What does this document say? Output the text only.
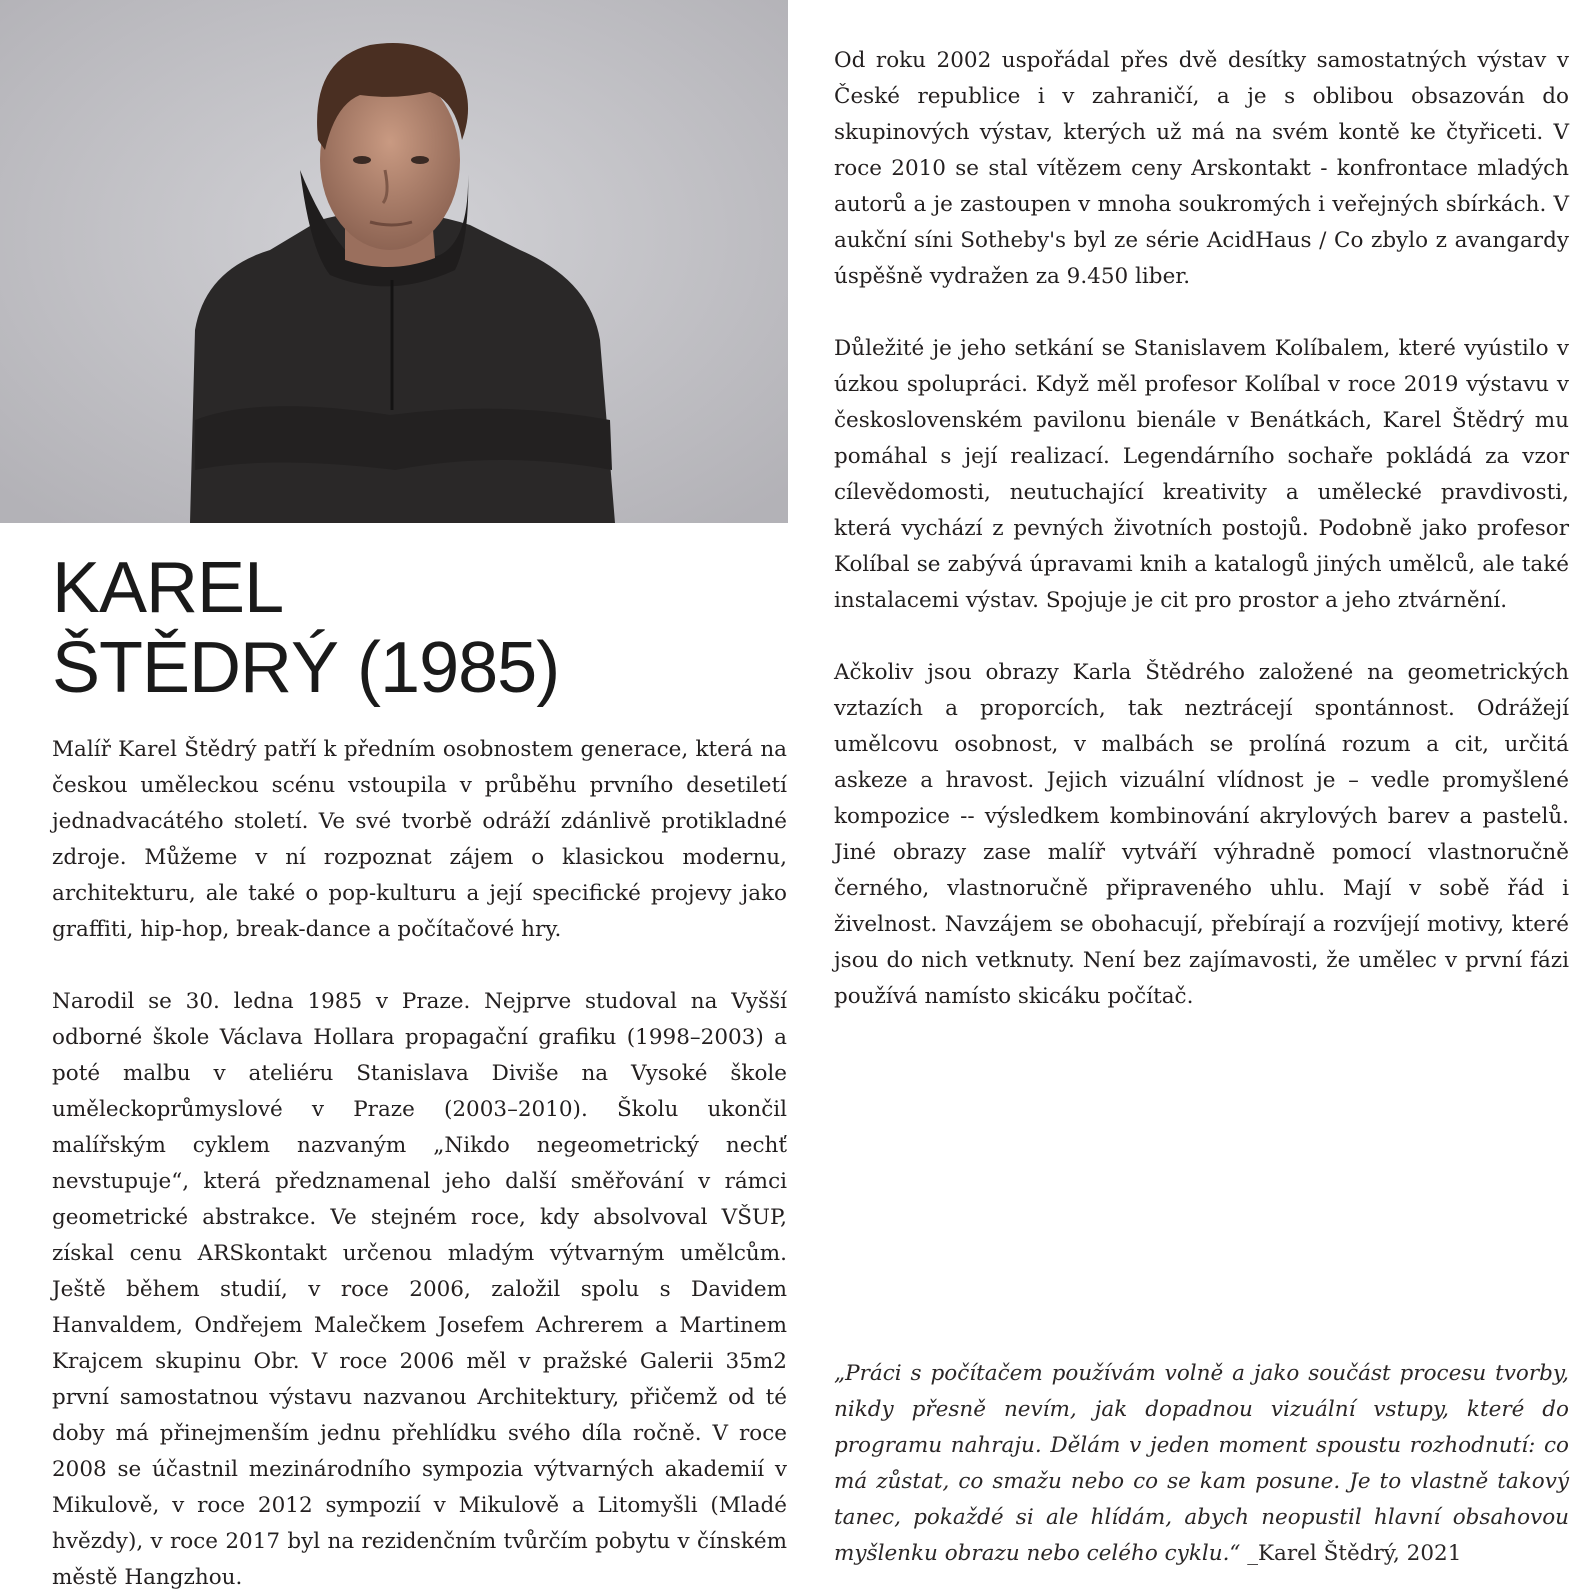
KAREL
ŠTĚDRÝ (1985)

Malíř Karel Štědrý patří k předním osobnostem generace, která na českou uměleckou scénu vstoupila v průběhu prvního desetiletí jednadvacátého století. Ve své tvorbě odráží zdánlivě protikladné zdroje. Můžeme v ní rozpoznat zájem o klasickou modernu, architekturu, ale také o pop-kulturu a její specifické projevy jako graffiti, hip-hop, break-dance a počítačové hry.

Narodil se 30. ledna 1985 v Praze. Nejprve studoval na Vyšší odborné škole Václava Hollara propagační grafiku (1998–2003) a poté malbu v ateliéru Stanislava Diviše na Vysoké škole uměleckoprůmyslové v Praze (2003–2010). Školu ukončil malířským cyklem nazvaným „Nikdo negeometrický nechť nevstupuje“, která předznamenal jeho další směřování v rámci geometrické abstrakce. Ve stejném roce, kdy absolvoval VŠUP, získal cenu ARSkontakt určenou mladým výtvarným umělcům. Ještě během studií, v roce 2006, založil spolu s Davidem Hanvaldem, Ondřejem Malečkem Josefem Achrerem a Martinem Krajcem skupinu Obr. V roce 2006 měl v pražské Galerii 35m2 první samostatnou výstavu nazvanou Architektury, přičemž od té doby má přinejmenším jednu přehlídku svého díla ročně. V roce 2008 se účastnil mezinárodního sympozia výtvarných akademií v Mikulově, v roce 2012 sympozií v Mikulově a Litomyšli (Mladé hvězdy), v roce 2017 byl na rezidenčním tvůrčím pobytu v čínském městě Hangzhou.

Od roku 2002 uspořádal přes dvě desítky samostatných výstav v České republice i v zahraničí, a je s oblibou obsazován do skupinových výstav, kterých už má na svém kontě ke čtyřiceti. V roce 2010 se stal vítězem ceny Arskontakt - konfrontace mladých autorů a je zastoupen v mnoha soukromých i veřejných sbírkách. V aukční síni Sotheby's byl ze série AcidHaus / Co zbylo z avangardy úspěšně vydražen za 9.450 liber.

Důležité je jeho setkání se Stanislavem Kolíbalem, které vyústilo v úzkou spolupráci. Když měl profesor Kolíbal v roce 2019 výstavu v československém pavilonu bienále v Benátkách, Karel Štědrý mu pomáhal s její realizací. Legendárního sochaře pokládá za vzor cílevědomosti, neutuchající kreativity a umělecké pravdivosti, která vychází z pevných životních postojů. Podobně jako profesor Kolíbal se zabývá úpravami knih a katalogů jiných umělců, ale také instalacemi výstav. Spojuje je cit pro prostor a jeho ztvárnění.

Ačkoliv jsou obrazy Karla Štědrého založené na geometrických vztazích a proporcích, tak neztrácejí spontánnost. Odrážejí umělcovu osobnost, v malbách se prolíná rozum a cit, určitá askeze a hravost. Jejich vizuální vlídnost je – vedle promyšlené kompozice -- výsledkem kombinování akrylových barev a pastelů. Jiné obrazy zase malíř vytváří výhradně pomocí vlastnoručně černého, vlastnoručně připraveného uhlu. Mají v sobě řád i živelnost. Navzájem se obohacují, přebírají a rozvíjejí motivy, které jsou do nich vetknuty. Není bez zajímavosti, že umělec v první fázi používá namísto skicáku počítač.

„Práci s počítačem používám volně a jako součást procesu tvorby, nikdy přesně nevím, jak dopadnou vizuální vstupy, které do programu nahraju. Dělám v jeden moment spoustu rozhodnutí: co má zůstat, co smažu nebo co se kam posune. Je to vlastně takový tanec, pokaždé si ale hlídám, abych neopustil hlavní obsahovou myšlenku obrazu nebo celého cyklu.“ _Karel Štědrý, 2021
